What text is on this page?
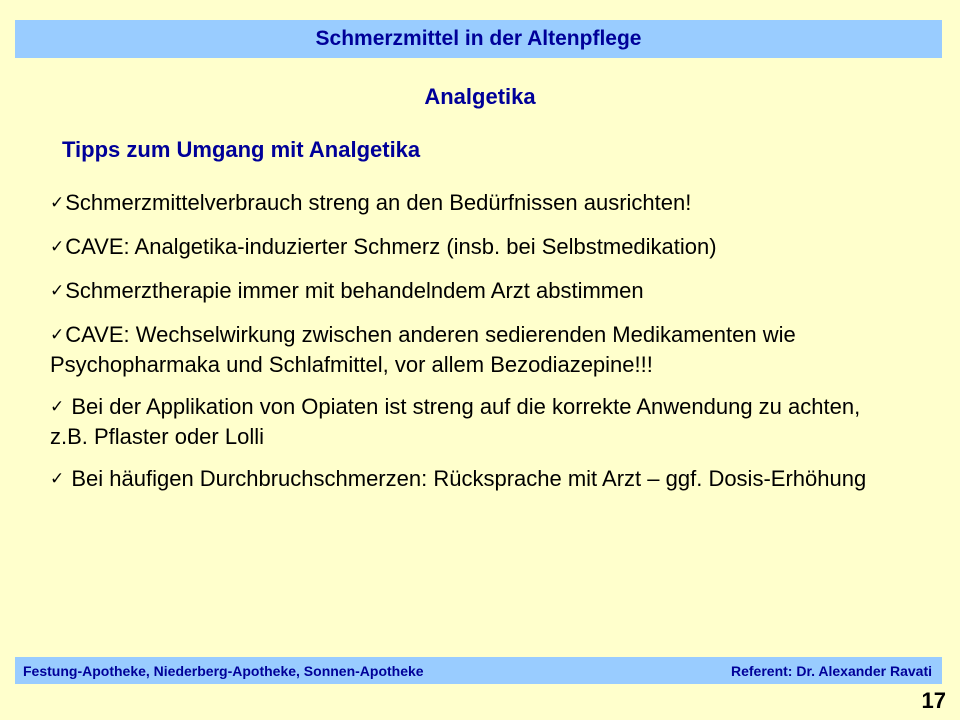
Schmerzmittel in der Altenpflege
Analgetika
Tipps zum Umgang mit Analgetika
✓Schmerzmittelverbrauch streng an den Bedürfnissen ausrichten!
✓CAVE: Analgetika-induzierter Schmerz (insb. bei Selbstmedikation)
✓Schmerztherapie immer mit behandelndem Arzt abstimmen
✓CAVE: Wechselwirkung zwischen anderen sedierenden Medikamenten wie Psychopharmaka und Schlafmittel, vor allem Bezodiazepine!!!
✓ Bei der Applikation von Opiaten ist streng auf die korrekte Anwendung zu achten, z.B. Pflaster oder Lolli
✓ Bei häufigen Durchbruchschmerzen: Rücksprache mit Arzt – ggf. Dosis-Erhöhung
Festung-Apotheke, Niederberg-Apotheke, Sonnen-Apotheke	Referent: Dr. Alexander Ravati
17
